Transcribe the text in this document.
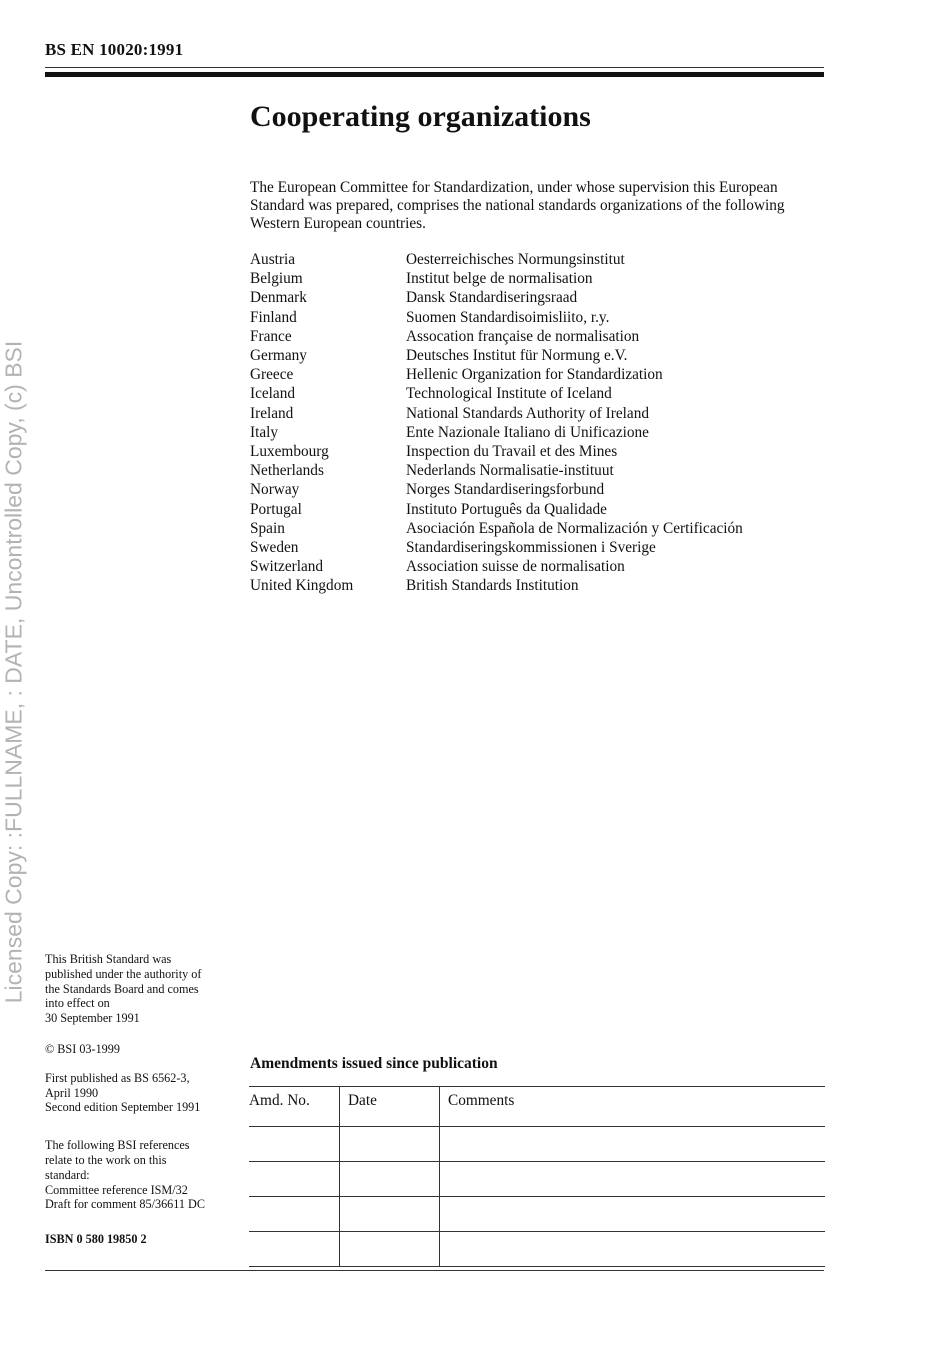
BS EN 10020:1991
Cooperating organizations

The European Committee for Standardization, under whose supervision this European Standard was prepared, comprises the national standards organizations of the following Western European countries.

Austria	Oesterreichisches Normungsinstitut
Belgium	Institut belge de normalisation
Denmark	Dansk Standardiseringsraad
Finland	Suomen Standardisoimisliito, r.y.
France	Assocation française de normalisation
Germany	Deutsches Institut für Normung e.V.
Greece	Hellenic Organization for Standardization
Iceland	Technological Institute of Iceland
Ireland	National Standards Authority of Ireland
Italy	Ente Nazionale Italiano di Unificazione
Luxembourg	Inspection du Travail et des Mines
Netherlands	Nederlands Normalisatie-instituut
Norway	Norges Standardiseringsforbund
Portugal	Instituto Português da Qualidade
Spain	Asociación Española de Normalización y Certificación
Sweden	Standardiseringskommissionen i Sverige
Switzerland	Association suisse de normalisation
United Kingdom	British Standards Institution
Licensed Copy: :FULLNAME, : DATE, Uncontrolled Copy, (c) BSI This British Standard was

published under the authority of

the Standards Board and comes

into effect on

30 September 1991

© BSI 03-1999

First published as BS 6562-3,

April 1990

Second edition September 1991

The following BSI references

relate to the work on this

standard:

Committee reference ISM/32

Draft for comment 85/36611 DC

ISBN 0 580 19850 2

Amendments issued since publication
Amd. No.	Date	Comments
